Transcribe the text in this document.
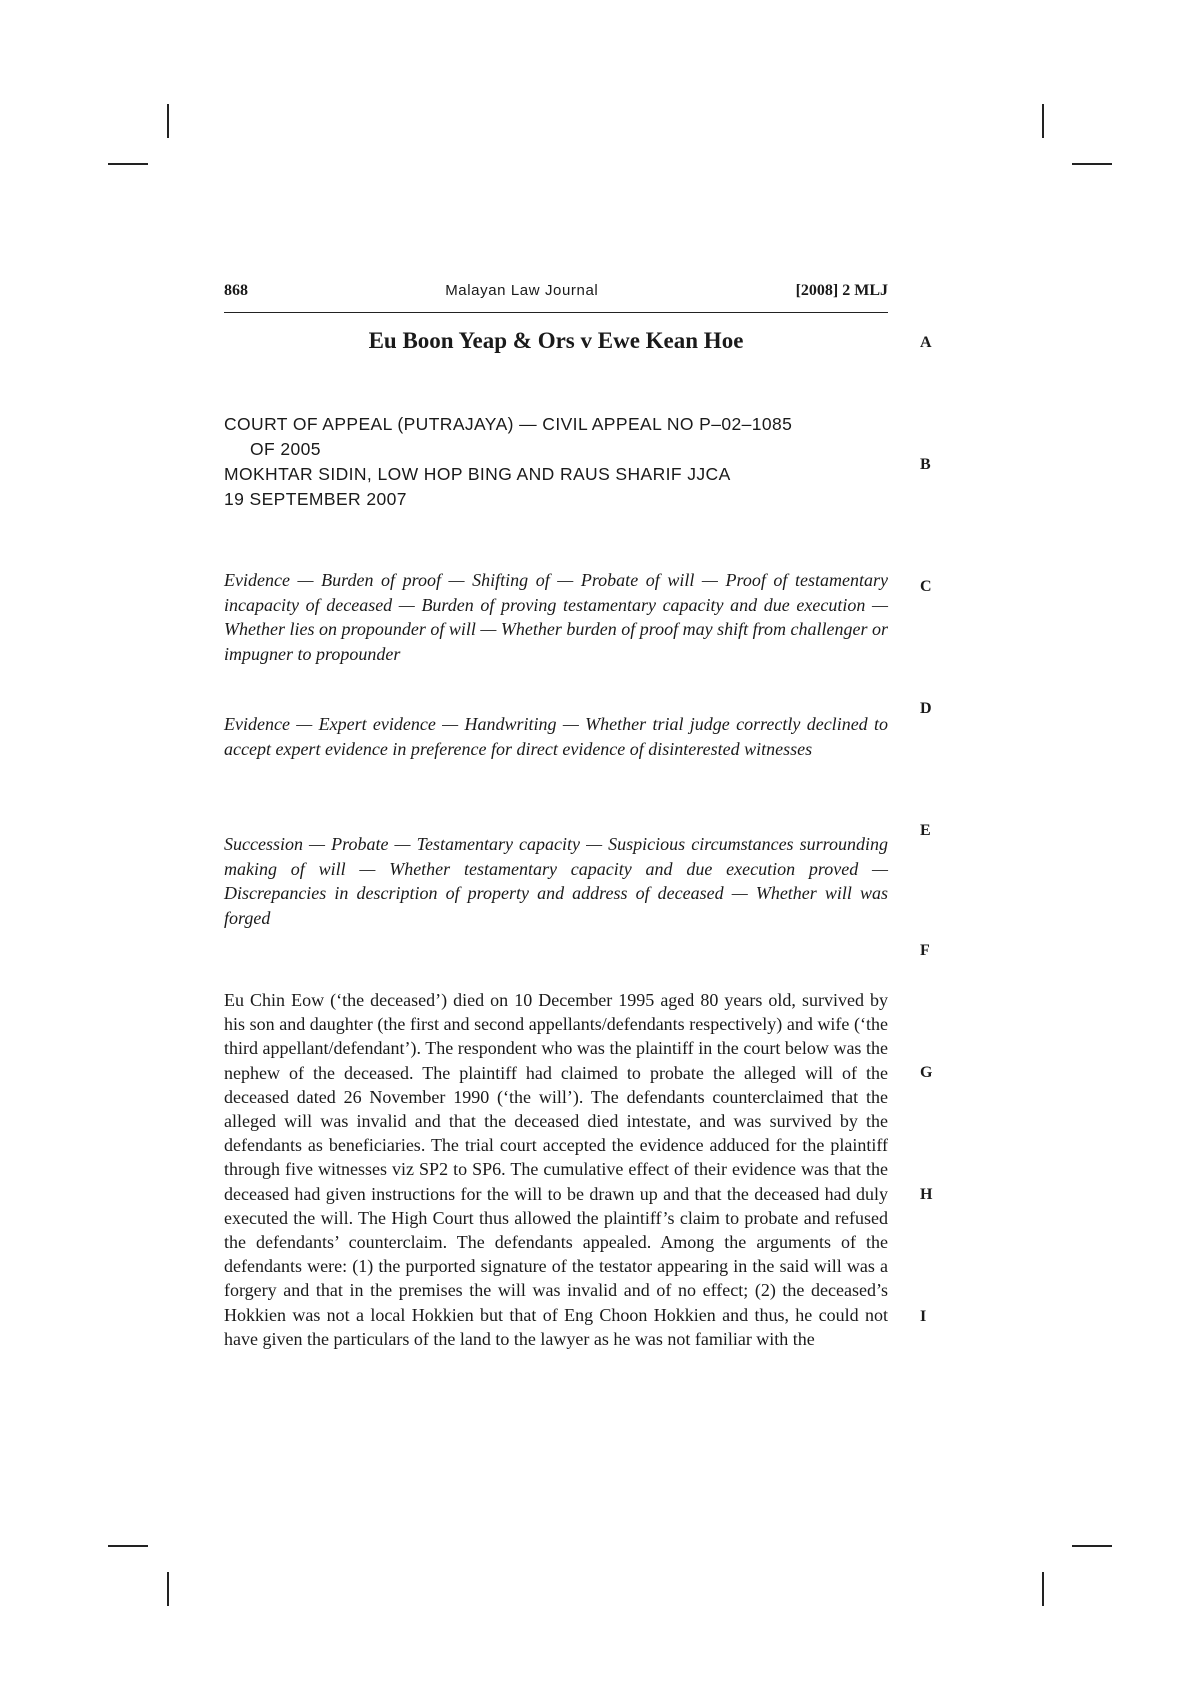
868	Malayan Law Journal	[2008] 2 MLJ
Eu Boon Yeap & Ors v Ewe Kean Hoe
COURT OF APPEAL (PUTRAJAYA) — CIVIL APPEAL NO P–02–1085
OF 2005
MOKHTAR SIDIN, LOW HOP BING AND RAUS SHARIF JJCA
19 SEPTEMBER 2007
Evidence — Burden of proof — Shifting of — Probate of will — Proof of testamentary incapacity of deceased — Burden of proving testamentary capacity and due execution — Whether lies on propounder of will — Whether burden of proof may shift from challenger or impugner to propounder
Evidence — Expert evidence — Handwriting — Whether trial judge correctly declined to accept expert evidence in preference for direct evidence of disinterested witnesses
Succession — Probate — Testamentary capacity — Suspicious circumstances surrounding making of will — Whether testamentary capacity and due execution proved — Discrepancies in description of property and address of deceased — Whether will was forged
Eu Chin Eow (‘the deceased’) died on 10 December 1995 aged 80 years old, survived by his son and daughter (the first and second appellants/defendants respectively) and wife (‘the third appellant/defendant’). The respondent who was the plaintiff in the court below was the nephew of the deceased. The plaintiff had claimed to probate the alleged will of the deceased dated 26 November 1990 (‘the will’). The defendants counterclaimed that the alleged will was invalid and that the deceased died intestate, and was survived by the defendants as beneficiaries. The trial court accepted the evidence adduced for the plaintiff through five witnesses viz SP2 to SP6. The cumulative effect of their evidence was that the deceased had given instructions for the will to be drawn up and that the deceased had duly executed the will. The High Court thus allowed the plaintiff’s claim to probate and refused the defendants’ counterclaim. The defendants appealed. Among the arguments of the defendants were: (1) the purported signature of the testator appearing in the said will was a forgery and that in the premises the will was invalid and of no effect; (2) the deceased’s Hokkien was not a local Hokkien but that of Eng Choon Hokkien and thus, he could not have given the particulars of the land to the lawyer as he was not familiar with the
A
B
C
D
E
F
G
H
I
